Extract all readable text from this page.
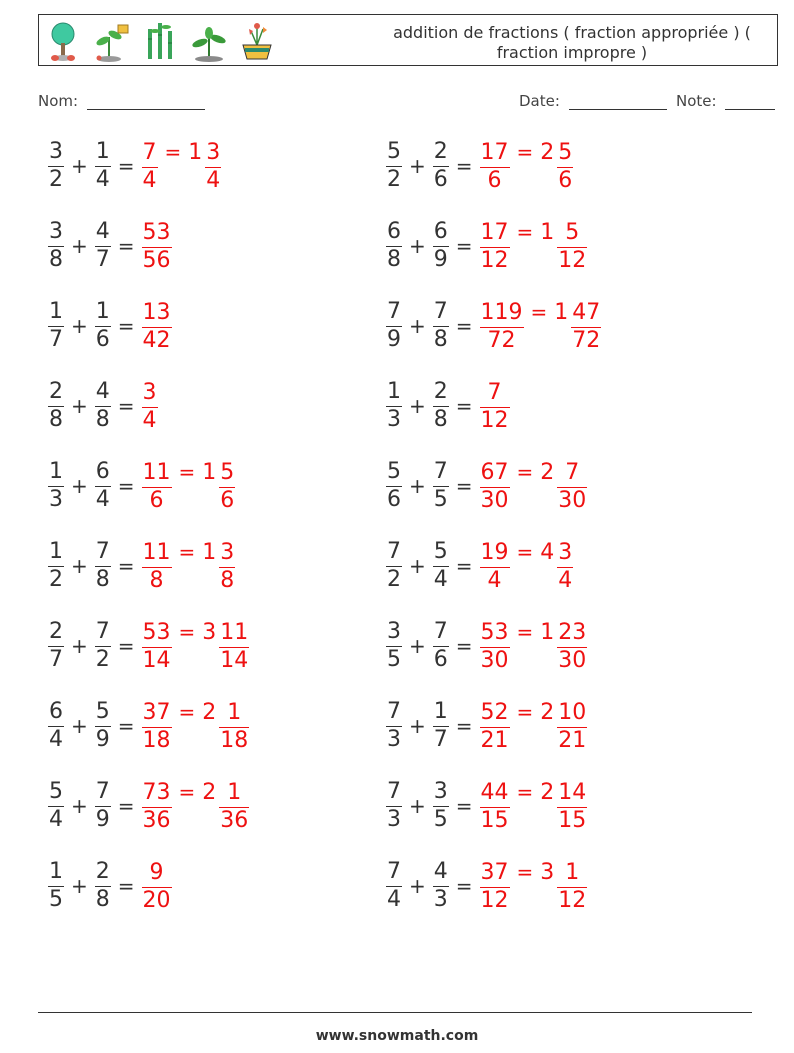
addition de fractions ( fraction appropriée ) ( fraction impropre )
Nom:	Date:	Note:
$\frac{3}{2} + \frac{1}{4} = \frac{7}{4} = 1 \frac{3}{4}$	$\frac{5}{2} + \frac{2}{6} = \frac{17}{6} = 2 \frac{5}{6}$
$\frac{3}{8} + \frac{4}{7} = \frac{53}{56}$	$\frac{6}{8} + \frac{6}{9} = \frac{17}{12} = 1 \frac{5}{12}$
$\frac{1}{7} + \frac{1}{6} = \frac{13}{42}$	$\frac{7}{9} + \frac{7}{8} = \frac{119}{72} = 1 \frac{47}{72}$
$\frac{2}{8} + \frac{4}{8} = \frac{3}{4}$	$\frac{1}{3} + \frac{2}{8} = \frac{7}{12}$
$\frac{1}{3} + \frac{6}{4} = \frac{11}{6} = 1 \frac{5}{6}$	$\frac{5}{6} + \frac{7}{5} = \frac{67}{30} = 2 \frac{7}{30}$
$\frac{1}{2} + \frac{7}{8} = \frac{11}{8} = 1 \frac{3}{8}$	$\frac{7}{2} + \frac{5}{4} = \frac{19}{4} = 4 \frac{3}{4}$
$\frac{2}{7} + \frac{7}{2} = \frac{53}{14} = 3 \frac{11}{14}$	$\frac{3}{5} + \frac{7}{6} = \frac{53}{30} = 1 \frac{23}{30}$
$\frac{6}{4} + \frac{5}{9} = \frac{37}{18} = 2 \frac{1}{18}$	$\frac{7}{3} + \frac{1}{7} = \frac{52}{21} = 2 \frac{10}{21}$
$\frac{5}{4} + \frac{7}{9} = \frac{73}{36} = 2 \frac{1}{36}$	$\frac{7}{3} + \frac{3}{5} = \frac{44}{15} = 2 \frac{14}{15}$
$\frac{1}{5} + \frac{2}{8} = \frac{9}{20}$	$\frac{7}{4} + \frac{4}{3} = \frac{37}{12} = 3 \frac{1}{12}$
www.snowmath.com
